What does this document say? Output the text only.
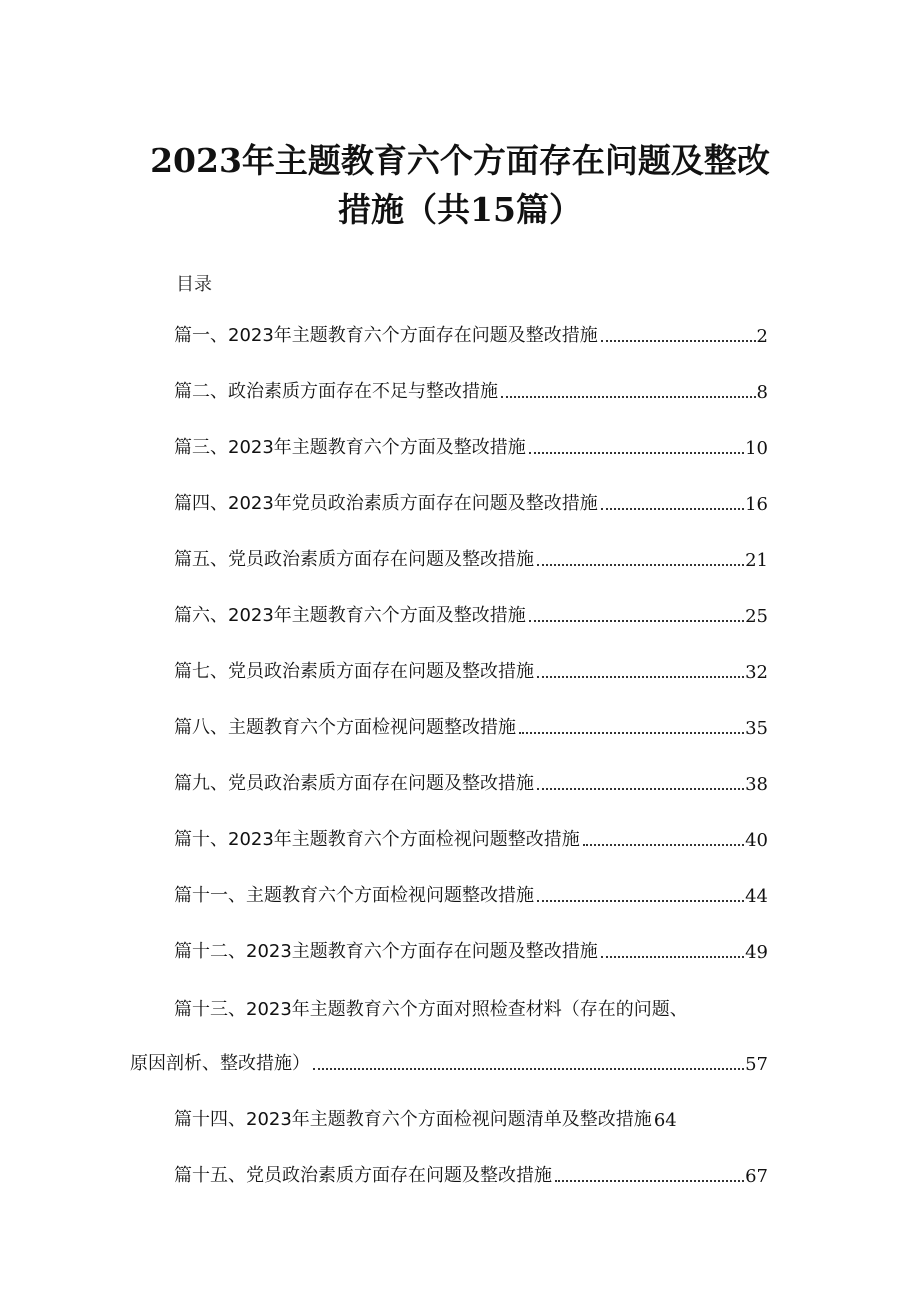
2023年主题教育六个方面存在问题及整改
措施（共15篇）
目录
篇一、2023年主题教育六个方面存在问题及整改措施	2
篇二、政治素质方面存在不足与整改措施	8
篇三、2023年主题教育六个方面及整改措施	10
篇四、2023年党员政治素质方面存在问题及整改措施	16
篇五、党员政治素质方面存在问题及整改措施	21
篇六、2023年主题教育六个方面及整改措施	25
篇七、党员政治素质方面存在问题及整改措施	32
篇八、主题教育六个方面检视问题整改措施	35
篇九、党员政治素质方面存在问题及整改措施	38
篇十、2023年主题教育六个方面检视问题整改措施	40
篇十一、主题教育六个方面检视问题整改措施	44
篇十二、2023主题教育六个方面存在问题及整改措施	49
篇十三、2023年主题教育六个方面对照检查材料（存在的问题、
原因剖析、整改措施）	57
篇十四、2023年主题教育六个方面检视问题清单及整改措施 64
篇十五、党员政治素质方面存在问题及整改措施	67
